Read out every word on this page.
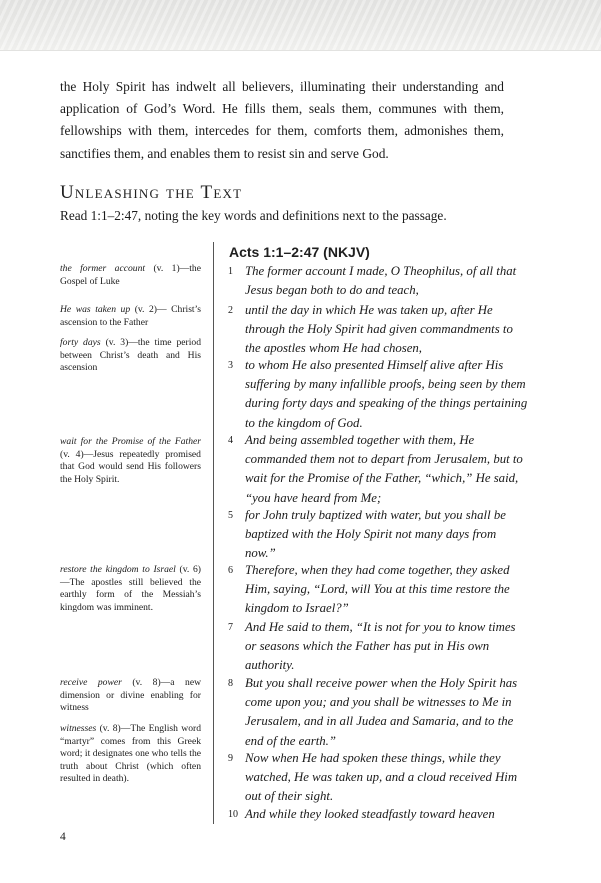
the Holy Spirit has indwelt all believers, illuminating their understanding and application of God’s Word. He fills them, seals them, communes with them, fellowships with them, intercedes for them, comforts them, admonishes them, sanctifies them, and enables them to resist sin and serve God.

Unleashing the Text

Read 1:1–2:47, noting the key words and definitions next to the passage.

the former account (v. 1)—the Gospel of Luke

He was taken up (v. 2)— Christ’s ascension to the Father

forty days (v. 3)—the time period between Christ’s death and His ascension

wait for the Promise of the Father (v. 4)—Jesus repeatedly promised that God would send His followers the Holy Spirit.

restore the kingdom to Israel (v. 6)—The apostles still believed the earthly form of the Messiah’s kingdom was imminent.

receive power (v. 8)—a new dimension or divine enabling for witness

witnesses (v. 8)—The English word “martyr” comes from this Greek word; it designates one who tells the truth about Christ (which often resulted in death).

Acts 1:1–2:47 (NKJV)
1 The former account I made, O Theophilus, of all that Jesus began both to do and teach,
2 until the day in which He was taken up, after He through the Holy Spirit had given commandments to the apostles whom He had chosen,
3 to whom He also presented Himself alive after His suffering by many infallible proofs, being seen by them during forty days and speaking of the things pertaining to the kingdom of God.
4 And being assembled together with them, He commanded them not to depart from Jerusalem, but to wait for the Promise of the Father, “which,” He said, “you have heard from Me;
5 for John truly baptized with water, but you shall be baptized with the Holy Spirit not many days from now.”
6 Therefore, when they had come together, they asked Him, saying, “Lord, will You at this time restore the kingdom to Israel?”
7 And He said to them, “It is not for you to know times or seasons which the Father has put in His own authority.
8 But you shall receive power when the Holy Spirit has come upon you; and you shall be witnesses to Me in Jerusalem, and in all Judea and Samaria, and to the end of the earth.”
9 Now when He had spoken these things, while they watched, He was taken up, and a cloud received Him out of their sight.
10 And while they looked steadfastly toward heaven
4
